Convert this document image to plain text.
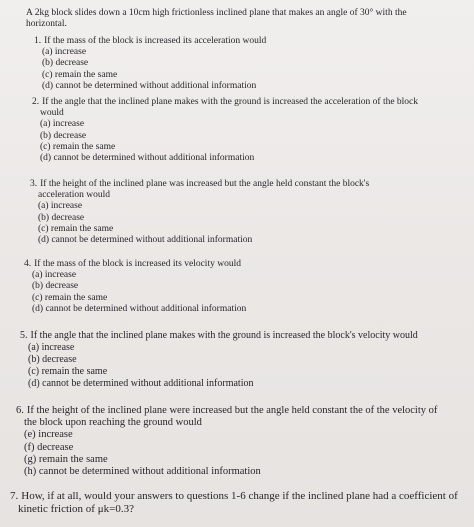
A 2kg block slides down a 10cm high frictionless inclined plane that makes an angle of 30° with the horizontal.

1. If the mass of the block is increased its acceleration would

(a) increase
(b) decrease
(c) remain the same
(d) cannot be determined without additional information

2. If the angle that the inclined plane makes with the ground is increased the acceleration of the block
would

(a) increase
(b) decrease
(c) remain the same
(d) cannot be determined without additional information

3. If the height of the inclined plane was increased but the angle held constant the block's
acceleration would

(a) increase
(b) decrease
(c) remain the same
(d) cannot be determined without additional information

4. If the mass of the block is increased its velocity would

(a) increase
(b) decrease
(c) remain the same
(d) cannot be determined without additional information

5. If the angle that the inclined plane makes with the ground is increased the block's velocity would

(a) increase
(b) decrease
(c) remain the same
(d) cannot be determined without additional information

6. If the height of the inclined plane were increased but the angle held constant the of the velocity of
the block upon reaching the ground would

(e) increase
(f) decrease
(g) remain the same
(h) cannot be determined without additional information

7. How, if at all, would your answers to questions 1-6 change if the inclined plane had a coefficient of
kinetic friction of μk=0.3?
